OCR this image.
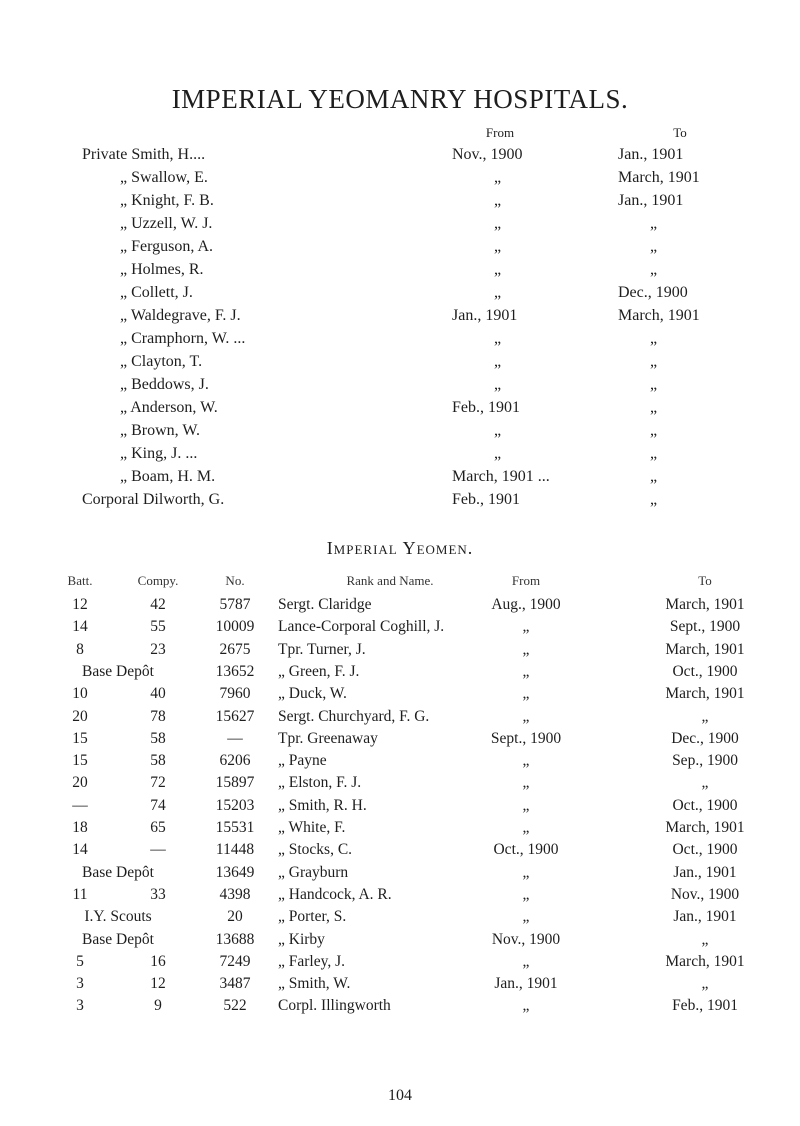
IMPERIAL YEOMANRY HOSPITALS.
From	To
Private Smith, H....	Nov., 1900	Jan., 1901
„ Swallow, E.	„	March, 1901
„ Knight, F. B.	„	Jan., 1901
„ Uzzell, W. J.	„	„
„ Ferguson, A.	„	„
„ Holmes, R.	„	„
„ Collett, J.	„	Dec., 1900
„ Waldegrave, F. J.	Jan., 1901	March, 1901
„ Cramphorn, W. ...	„	„
„ Clayton, T.	„	„
„ Beddows, J.	„	„
„ Anderson, W.	Feb., 1901	„
„ Brown, W.	„	„
„ King, J. ...	„	„
„ Boam, H. M.	March, 1901 ...	„
Corporal Dilworth, G.	Feb., 1901	„
Imperial Yeomen.
Batt.	Compy.	No.	Rank and Name.	From	To
12	42	5787 Sergt. Claridge	Aug., 1900	March, 1901
14	55	10009 Lance-Corporal Coghill, J.	„	Sept., 1900
8	23	2675 Tpr. Turner, J.	„	March, 1901
Base Depôt	13652 „ Green, F. J.	„	Oct., 1900
10	40	7960 „ Duck, W.	„	March, 1901
20	78	15627 Sergt. Churchyard, F. G.	„	„
15	58	— Tpr. Greenaway	Sept., 1900	Dec., 1900
15	58	6206 „ Payne	„	Sep., 1900
20	72	15897 „ Elston, F. J.	„	„
—	74	15203 „ Smith, R. H.	„	Oct., 1900
18	65	15531 „ White, F.	„	March, 1901
14	—	11448 „ Stocks, C.	Oct., 1900	Oct., 1900
Base Depôt	13649 „ Grayburn	„	Jan., 1901
11	33	4398 „ Handcock, A. R.	„	Nov., 1900
I.Y. Scouts	20 „ Porter, S.	„	Jan., 1901
Base Depôt	13688 „ Kirby	Nov., 1900	„
5	16	7249 „ Farley, J.	„	March, 1901
3	12	3487 „ Smith, W.	Jan., 1901	„
3	9	522 Corpl. Illingworth	„	Feb., 1901
104
